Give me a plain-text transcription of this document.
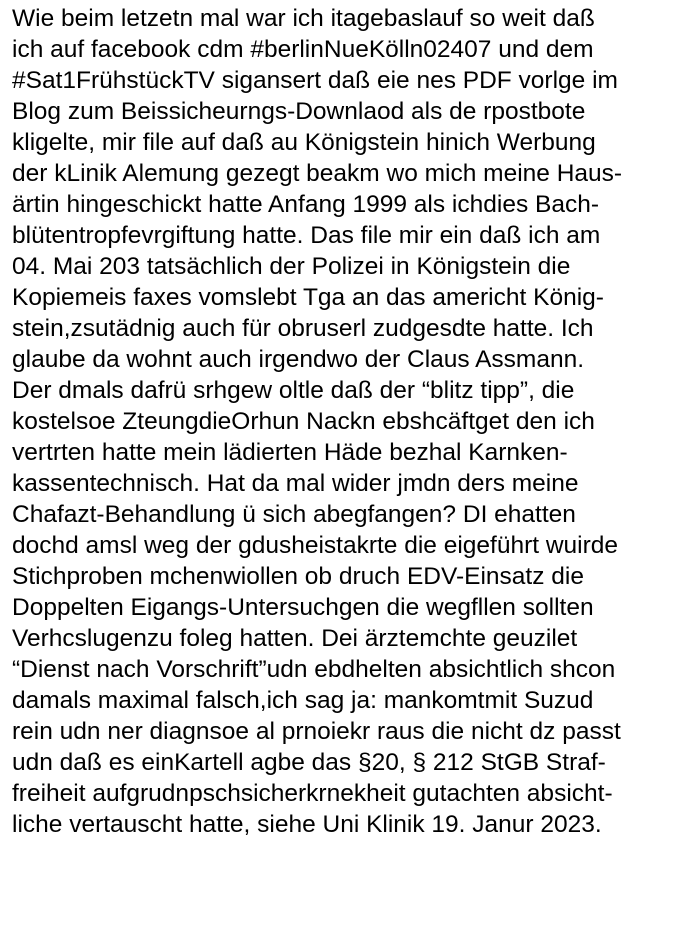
Wie beim letzetn mal war ich itagebaslauf so weit daß
ich auf facebook cdm #berlinNueKölln02407 und dem
#Sat1FrühstückTV sigansert daß eie nes PDF vorlge im
Blog zum Beissicheurngs-Downlaod als de rpostbote
kligelte, mir file auf daß au Königstein hinich Werbung
der kLinik Alemung gezegt beakm wo mich meine Haus-
ärtin hingeschickt hatte Anfang 1999 als ichdies Bach-
blütentropfevrgiftung hatte. Das file mir ein daß ich am
04. Mai 203 tatsächlich der Polizei in Königstein die
Kopiemeis faxes vomslebt Tga an das americht König-
stein,zsutädnig auch für obruserl zudgesdte hatte. Ich
glaube da wohnt auch irgendwo der Claus Assmann.
Der dmals dafrü srhgew oltle daß der “blitz tipp”, die
kostelsoe ZteungdieOrhun Nackn ebshcäftget den ich
vertrten hatte mein lädierten Häde bezhal Karnken-
kassentechnisch. Hat da mal wider jmdn ders meine
Chafazt-Behandlung ü sich abegfangen? DI ehatten
dochd amsl weg der gdusheistakrte die eigeführt wuirde
Stichproben mchenwiollen ob druch EDV-Einsatz die
Doppelten Eigangs-Untersuchgen die wegfllen sollten
Verhcslugenzu foleg hatten. Dei ärztemchte geuzilet
“Dienst nach Vorschrift”udn ebdhelten absichtlich shcon
damals maximal falsch,ich sag ja: mankomtmit Suzud
rein udn ner diagnsoe al prnoiekr raus die nicht dz passt
udn daß es einKartell agbe das §20, § 212 StGB Straf-
freiheit aufgrudnpschsicherkrnekheit gutachten absicht-
liche vertauscht hatte, siehe Uni Klinik 19. Janur 2023.
